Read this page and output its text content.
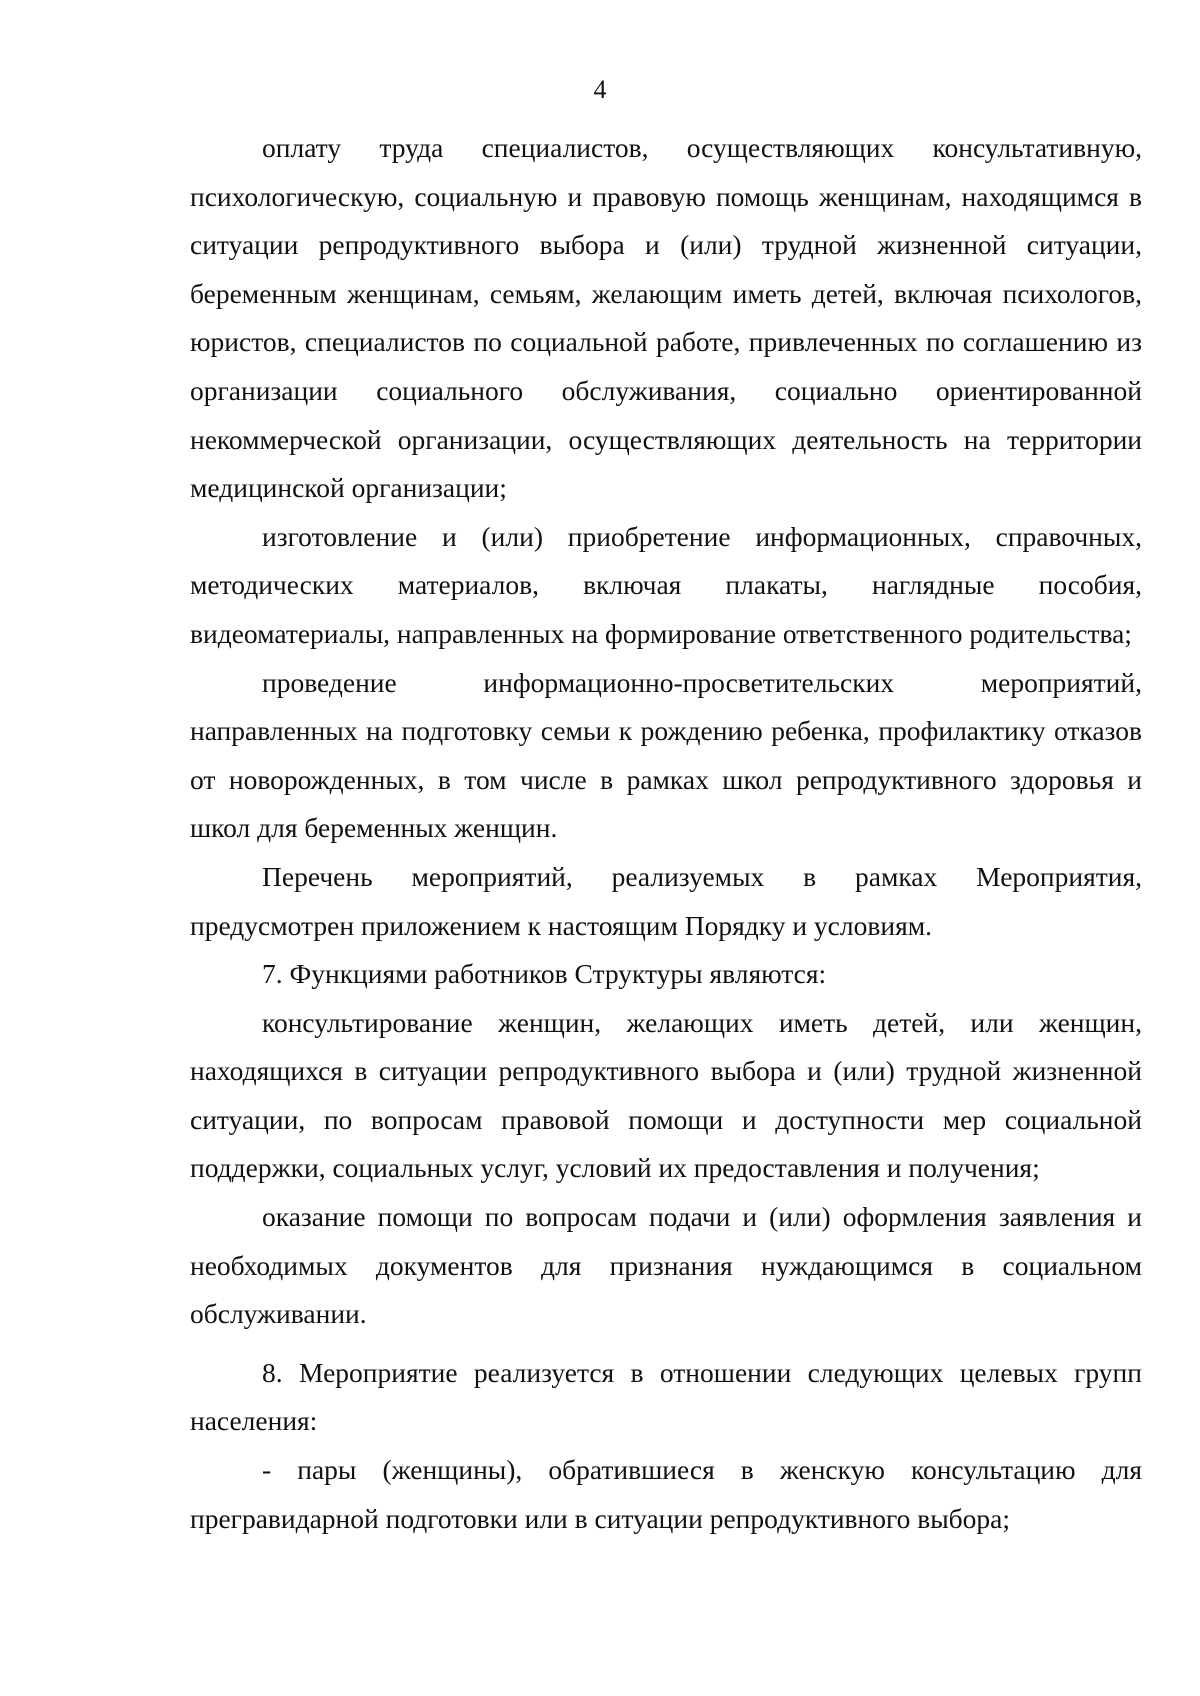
4

оплату труда специалистов, осуществляющих консультативную, психологическую, социальную и правовую помощь женщинам, находящимся в ситуации репродуктивного выбора и (или) трудной жизненной ситуации, беременным женщинам, семьям, желающим иметь детей, включая психологов, юристов, специалистов по социальной работе, привлеченных по соглашению из организации социального обслуживания, социально ориентированной некоммерческой организации, осуществляющих деятельность на территории медицинской организации;

изготовление и (или) приобретение информационных, справочных, методических материалов, включая плакаты, наглядные пособия, видеоматериалы, направленных на формирование ответственного родительства;

проведение информационно-просветительских мероприятий, направленных на подготовку семьи к рождению ребенка, профилактику отказов от новорожденных, в том числе в рамках школ репродуктивного здоровья и школ для беременных женщин.

Перечень мероприятий, реализуемых в рамках Мероприятия, предусмотрен приложением к настоящим Порядку и условиям.

7. Функциями работников Структуры являются:

консультирование женщин, желающих иметь детей, или женщин, находящихся в ситуации репродуктивного выбора и (или) трудной жизненной ситуации, по вопросам правовой помощи и доступности мер социальной поддержки, социальных услуг, условий их предоставления и получения;

оказание помощи по вопросам подачи и (или) оформления заявления и необходимых документов для признания нуждающимся в социальном обслуживании.

8. Мероприятие реализуется в отношении следующих целевых групп населения:

- пары (женщины), обратившиеся в женскую консультацию для прегравидарной подготовки или в ситуации репродуктивного выбора;
